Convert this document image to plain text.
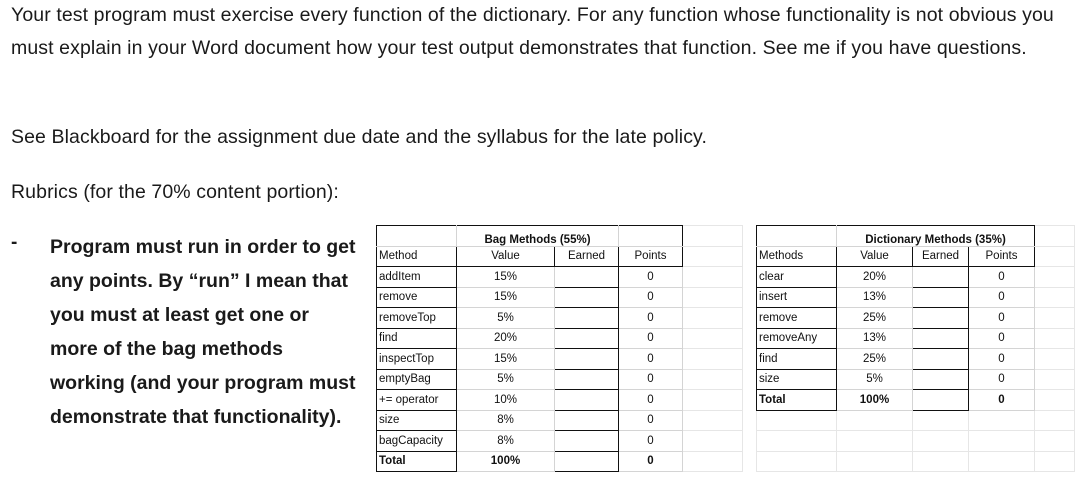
Your test program must exercise every function of the dictionary. For any function whose functionality is not obvious you must explain in your Word document how your test output demonstrates that function. See me if you have questions.

See Blackboard for the assignment due date and the syllabus for the late policy.

Rubrics (for the 70% content portion):

- Program must run in order to get any points. By “run” I mean that you must at least get one or more of the bag methods working (and your program must demonstrate that functionality).

	Bag Methods (55%)			
Method	Value	Earned	Points	
addItem	15%		0	
remove	15%		0	
removeTop	5%		0	
find	20%		0	
inspectTop	15%		0	
emptyBag	5%		0	
+= operator	10%		0	
size	8%		0	
bagCapacity	8%		0	
Total	100%		0	
	Dictionary Methods (35%)			
Methods	Value	Earned	Points	
clear	20%		0	
insert	13%		0	
remove	25%		0	
removeAny	13%		0	
find	25%		0	
size	5%		0	
Total	100%		0	
